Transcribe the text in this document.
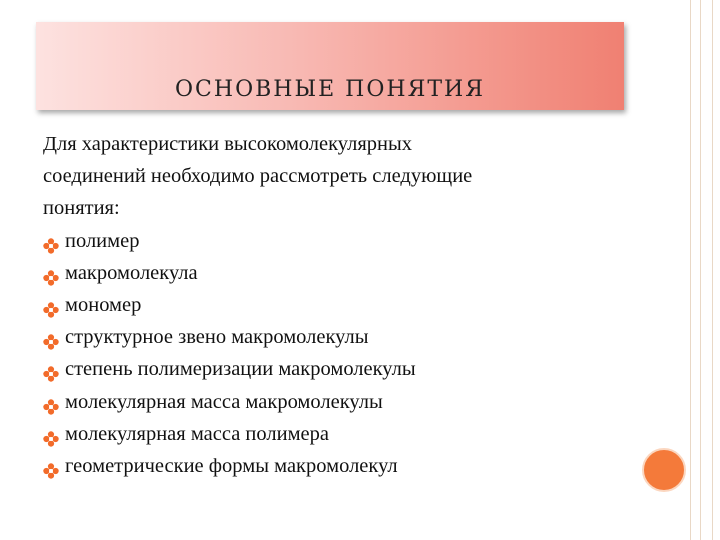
ОСНОВНЫЕ ПОНЯТИЯ

Для характеристики высокомолекулярных
соединений необходимо рассмотреть следующие
понятия:

полимер
макромолекула
мономер
структурное звено макромолекулы
степень полимеризации макромолекулы
молекулярная масса макромолекулы
молекулярная масса полимера
геометрические формы макромолекул
